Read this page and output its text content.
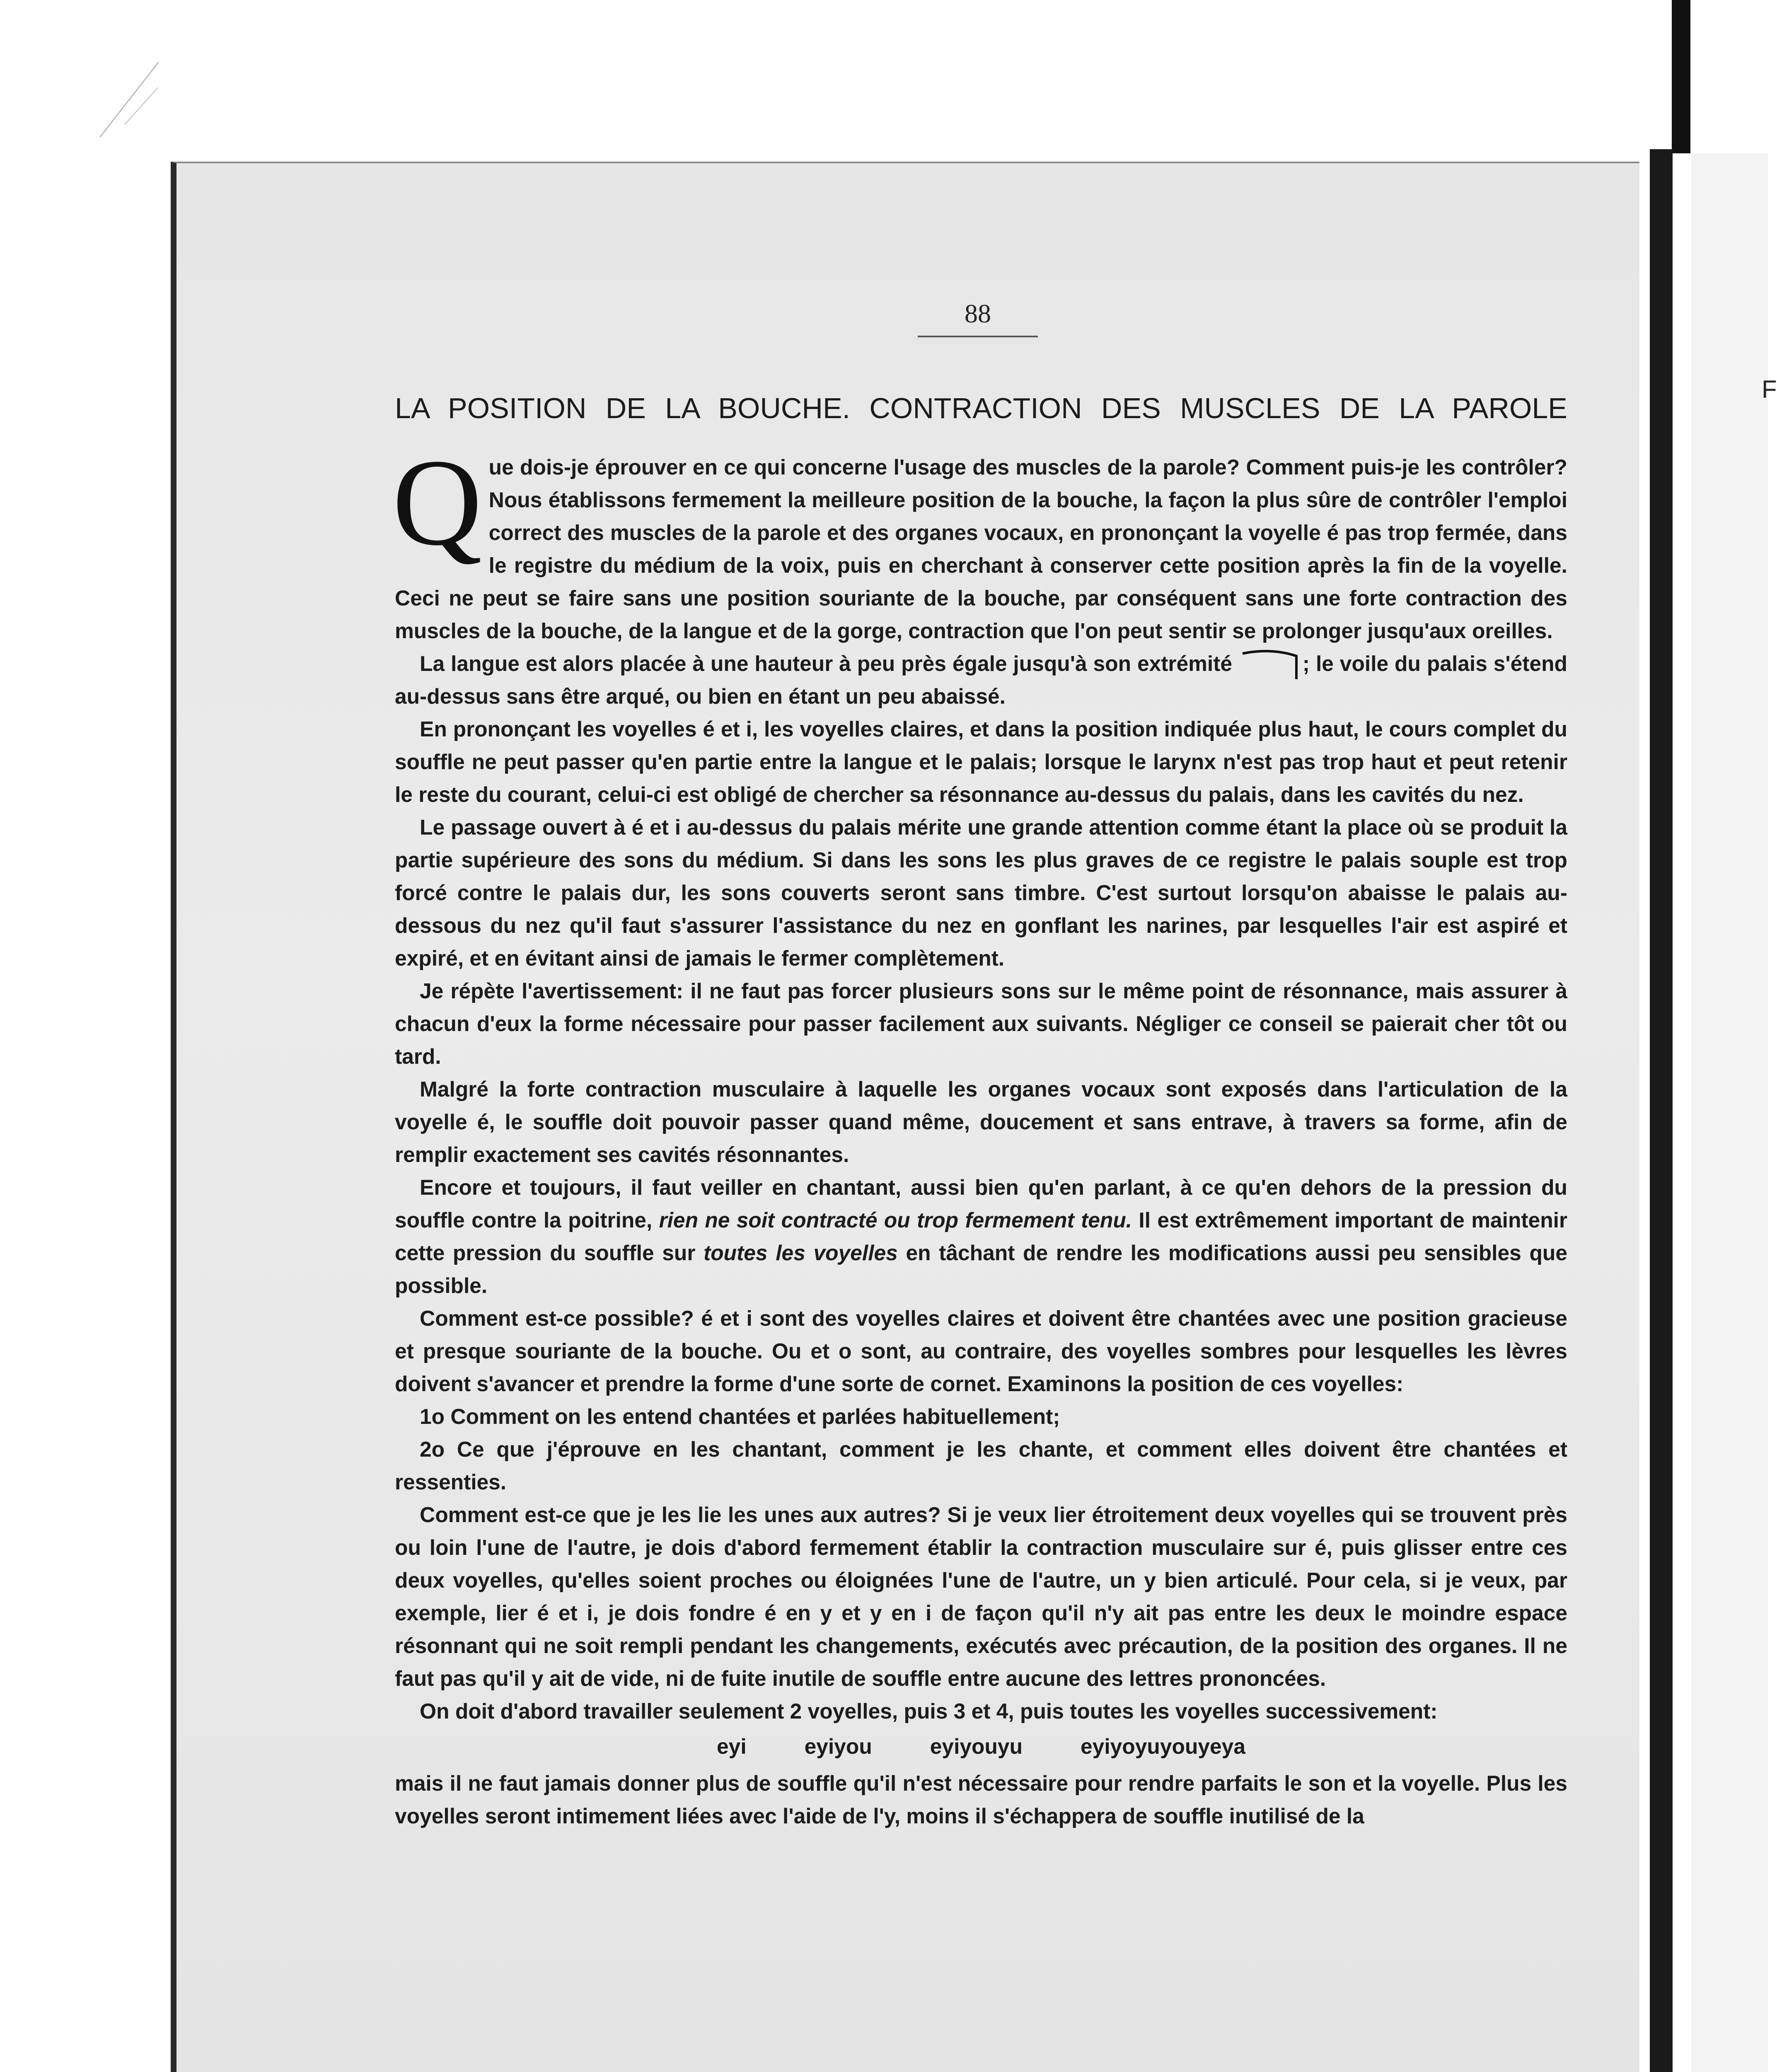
F
88
LA POSITION DE LA BOUCHE. CONTRACTION DES MUSCLES DE LA PAROLE

Que dois-je éprouver en ce qui concerne l'usage des muscles de la parole? Comment puis-je les contrôler? Nous établissons fermement la meilleure position de la bouche, la façon la plus sûre de contrôler l'emploi correct des muscles de la parole et des organes vocaux, en prononçant la voyelle é pas trop fermée, dans le registre du médium de la voix, puis en cherchant à conserver cette position après la fin de la voyelle. Ceci ne peut se faire sans une position souriante de la bouche, par conséquent sans une forte contraction des muscles de la bouche, de la langue et de la gorge, contraction que l'on peut sentir se prolonger jusqu'aux oreilles.

La langue est alors placée à une hauteur à peu près égale jusqu'à son extrémité	; le voile du palais s'étend au-dessus sans être arqué, ou bien en étant un peu abaissé.

En prononçant les voyelles é et i, les voyelles claires, et dans la position indiquée plus haut, le cours complet du souffle ne peut passer qu'en partie entre la langue et le palais; lorsque le larynx n'est pas trop haut et peut retenir le reste du courant, celui-ci est obligé de chercher sa résonnance au-dessus du palais, dans les cavités du nez.

Le passage ouvert à é et i au-dessus du palais mérite une grande attention comme étant la place où se produit la partie supérieure des sons du médium. Si dans les sons les plus graves de ce registre le palais souple est trop forcé contre le palais dur, les sons couverts seront sans timbre. C'est surtout lorsqu'on abaisse le palais au-dessous du nez qu'il faut s'assurer l'assistance du nez en gonflant les narines, par lesquelles l'air est aspiré et expiré, et en évitant ainsi de jamais le fermer complètement.

Je répète l'avertissement: il ne faut pas forcer plusieurs sons sur le même point de résonnance, mais assurer à chacun d'eux la forme nécessaire pour passer facilement aux suivants. Négliger ce conseil se paierait cher tôt ou tard.

Malgré la forte contraction musculaire à laquelle les organes vocaux sont exposés dans l'articulation de la voyelle é, le souffle doit pouvoir passer quand même, doucement et sans entrave, à travers sa forme, afin de remplir exactement ses cavités résonnantes.

Encore et toujours, il faut veiller en chantant, aussi bien qu'en parlant, à ce qu'en dehors de la pression du souffle contre la poitrine, rien ne soit contracté ou trop fermement tenu. Il est extrêmement important de maintenir cette pression du souffle sur toutes les voyelles en tâchant de rendre les modifications aussi peu sensibles que possible.

Comment est-ce possible? é et i sont des voyelles claires et doivent être chantées avec une position gracieuse et presque souriante de la bouche. Ou et o sont, au contraire, des voyelles sombres pour lesquelles les lèvres doivent s'avancer et prendre la forme d'une sorte de cornet. Examinons la position de ces voyelles:

1o Comment on les entend chantées et parlées habituellement;

2o Ce que j'éprouve en les chantant, comment je les chante, et comment elles doivent être chantées et ressenties.

Comment est-ce que je les lie les unes aux autres? Si je veux lier étroitement deux voyelles qui se trouvent près ou loin l'une de l'autre, je dois d'abord fermement établir la contraction musculaire sur é, puis glisser entre ces deux voyelles, qu'elles soient proches ou éloignées l'une de l'autre, un y bien articulé. Pour cela, si je veux, par exemple, lier é et i, je dois fondre é en y et y en i de façon qu'il n'y ait pas entre les deux le moindre espace résonnant qui ne soit rempli pendant les changements, exécutés avec précaution, de la position des organes. Il ne faut pas qu'il y ait de vide, ni de fuite inutile de souffle entre aucune des lettres prononcées.

On doit d'abord travailler seulement 2 voyelles, puis 3 et 4, puis toutes les voyelles successivement:

eyi	eyiyou	eyiyouyu	eyiyoyuyouyeya

mais il ne faut jamais donner plus de souffle qu'il n'est nécessaire pour rendre parfaits le son et la voyelle. Plus les voyelles seront intimement liées avec l'aide de l'y, moins il s'échappera de souffle inutilisé de la
